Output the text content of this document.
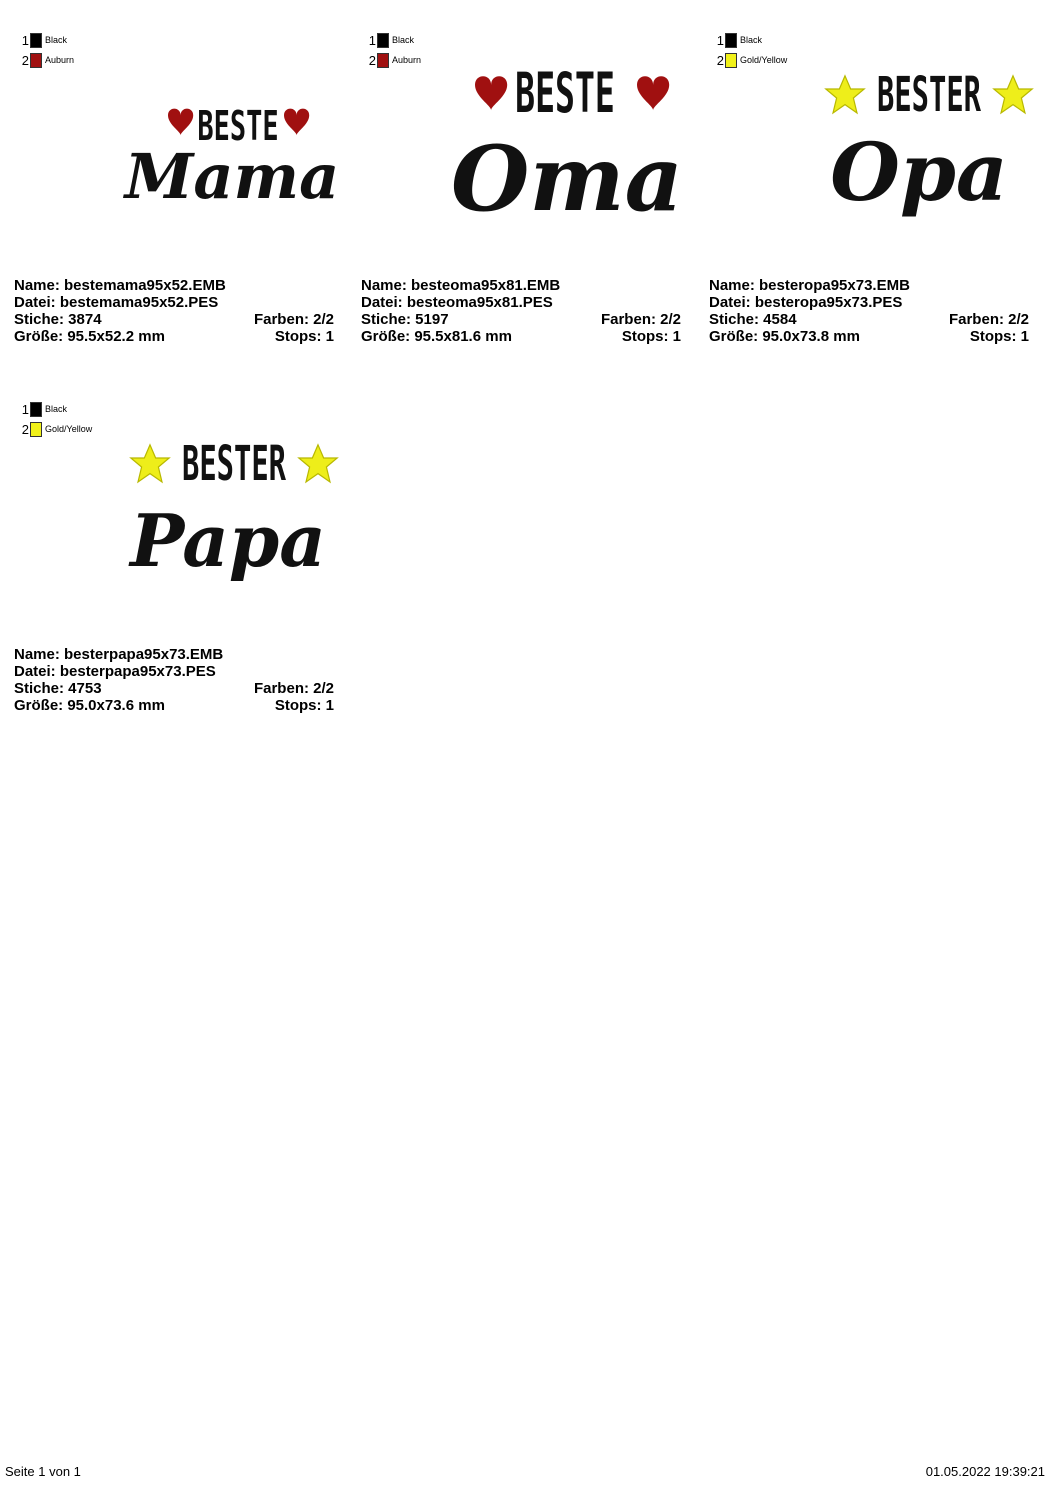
1 Black
2 Auburn
BESTE
Mama
Name: bestemama95x52.EMB
Datei: bestemama95x52.PES
Stiche: 3874	Farben: 2/2
Größe: 95.5x52.2 mm	Stops: 1
1 Black
2 Auburn
BESTE
Oma
Name: besteoma95x81.EMB
Datei: besteoma95x81.PES
Stiche: 5197	Farben: 2/2
Größe: 95.5x81.6 mm	Stops: 1
1 Black
2 Gold/Yellow
BESTER
Opa
Name: besteropa95x73.EMB
Datei: besteropa95x73.PES
Stiche: 4584	Farben: 2/2
Größe: 95.0x73.8 mm	Stops: 1
1 Black
2 Gold/Yellow
BESTER
Papa
Name: besterpapa95x73.EMB
Datei: besterpapa95x73.PES
Stiche: 4753	Farben: 2/2
Größe: 95.0x73.6 mm	Stops: 1
Seite 1 von 1	01.05.2022 19:39:21
